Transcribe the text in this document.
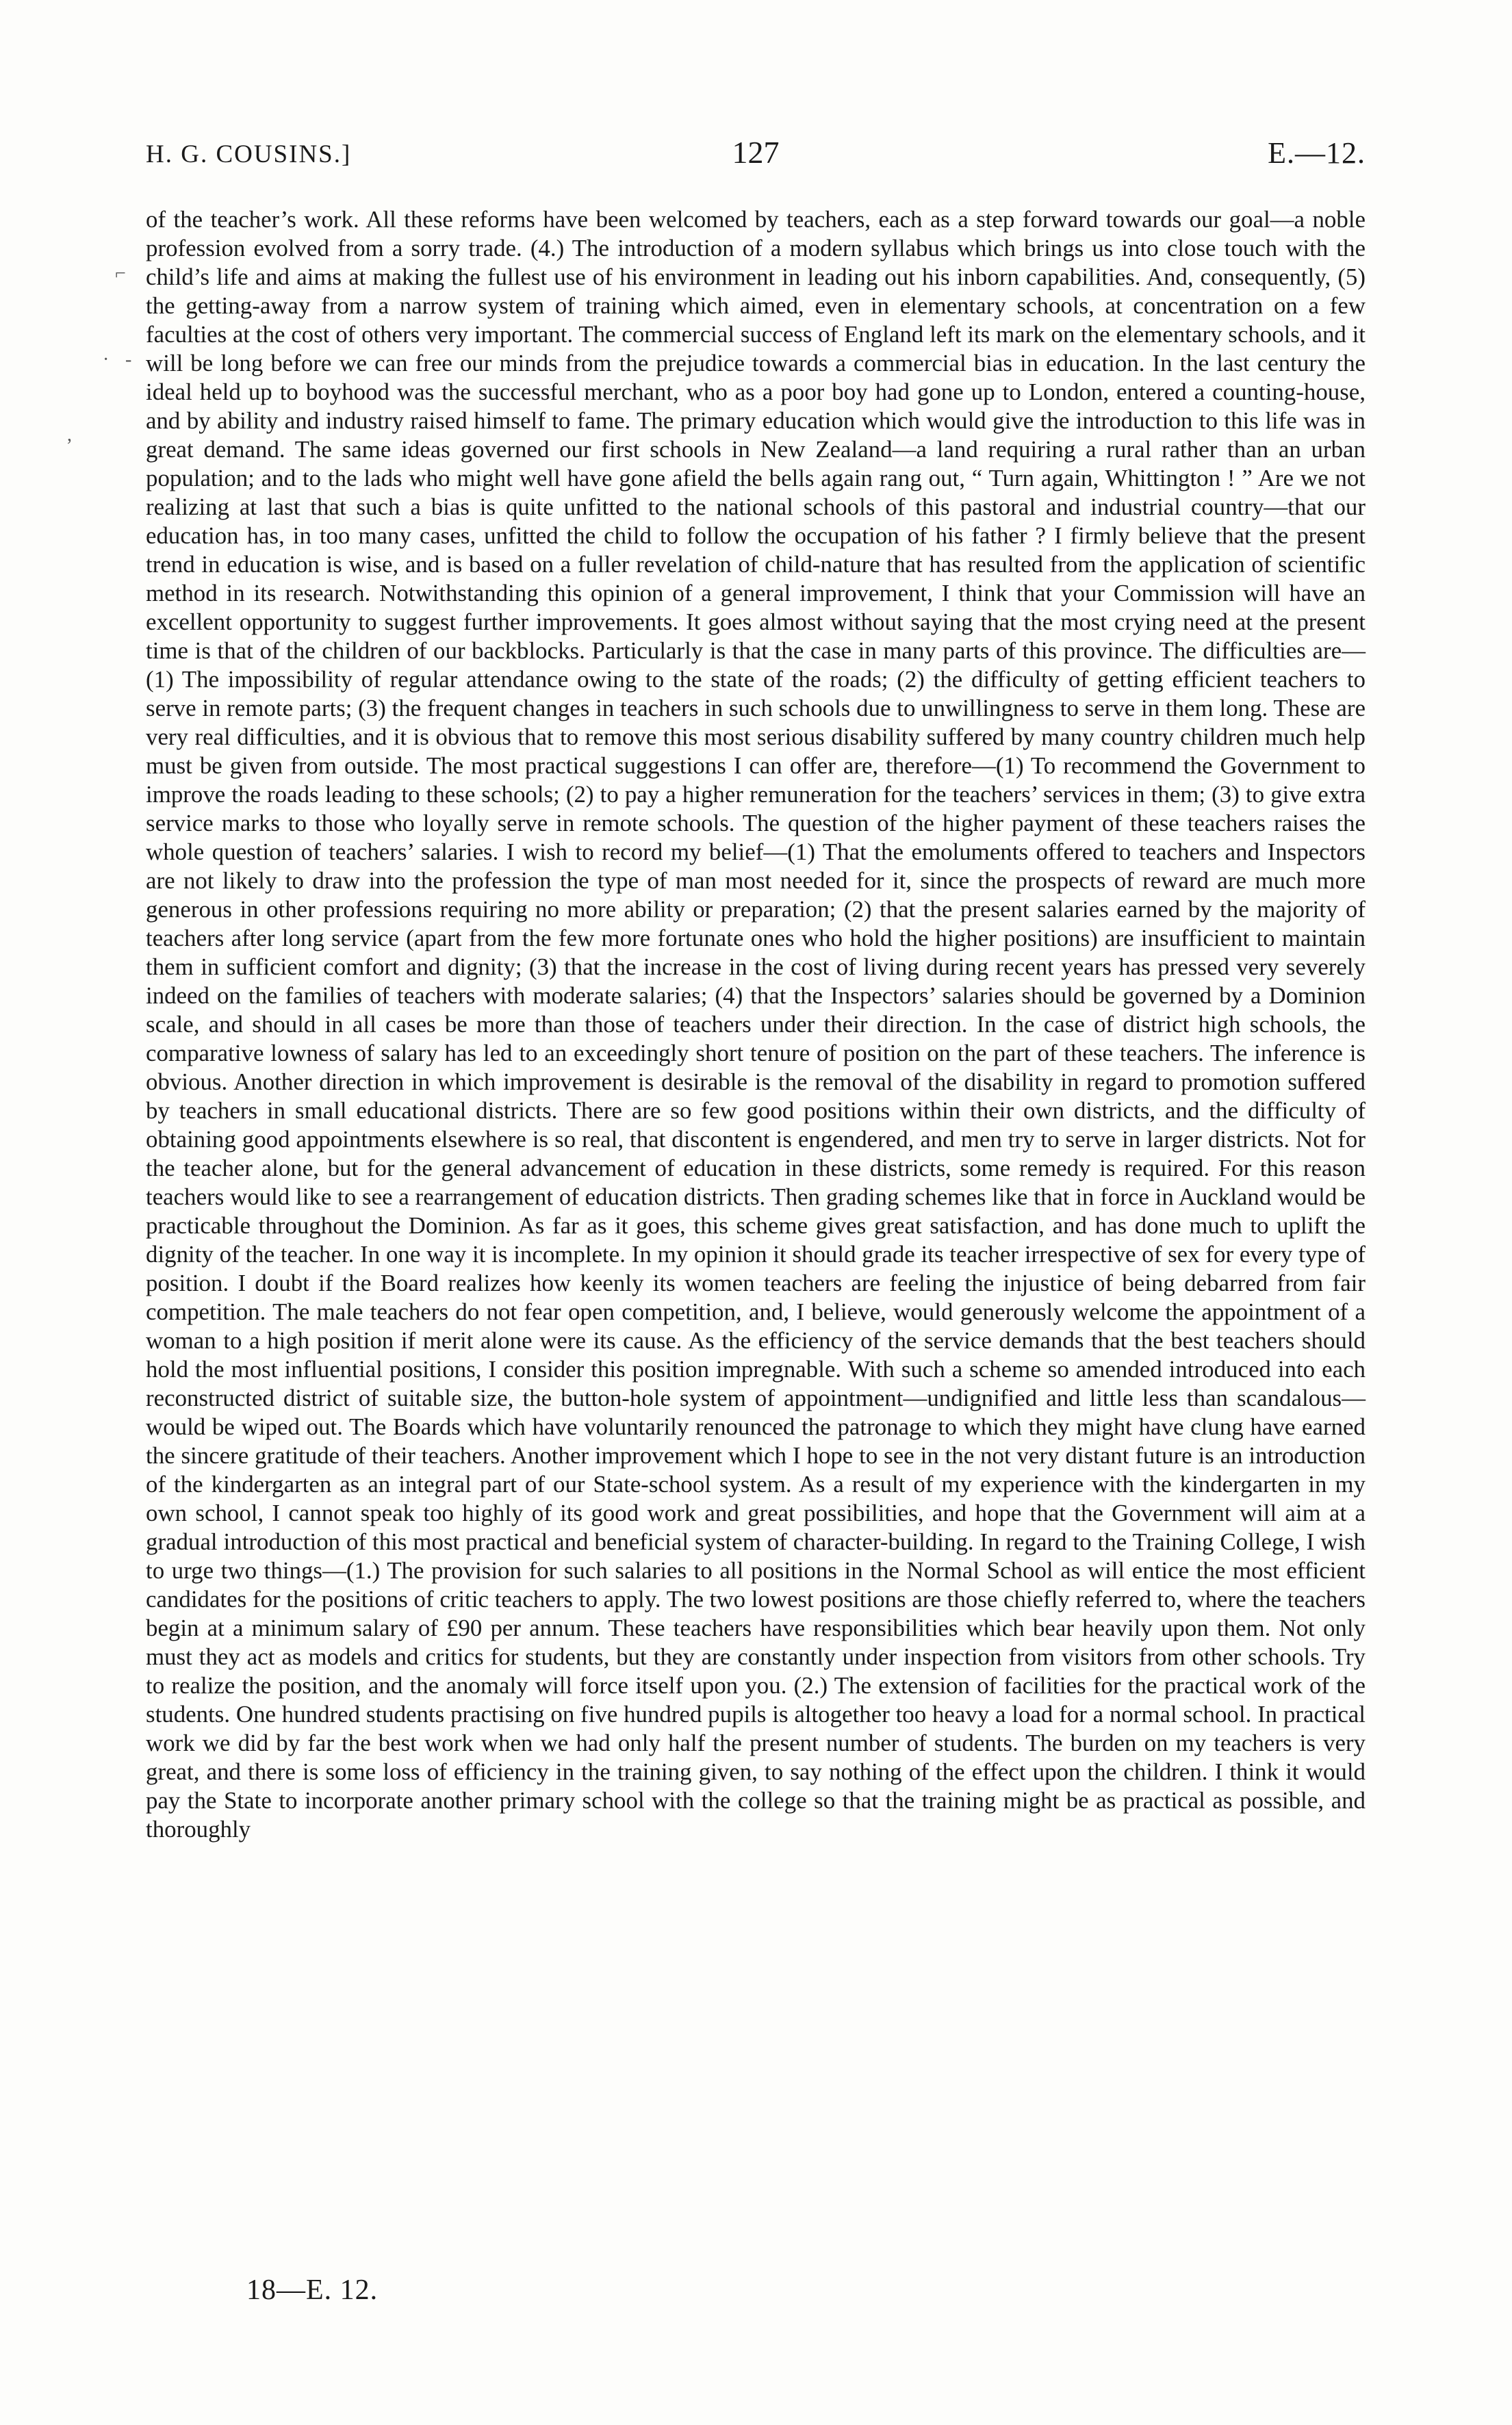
H. G. COUSINS.]	127	E.—12.
⌐
· -
,

of the teacher’s work. All these reforms have been welcomed by teachers, each as a step forward towards our goal—a noble profession evolved from a sorry trade. (4.) The introduction of a modern syllabus which brings us into close touch with the child’s life and aims at making the fullest use of his environment in leading out his inborn capabilities. And, consequently, (5) the getting-away from a narrow system of training which aimed, even in elementary schools, at concentration on a few faculties at the cost of others very important. The commercial success of England left its mark on the elementary schools, and it will be long before we can free our minds from the prejudice towards a commercial bias in education. In the last century the ideal held up to boyhood was the successful merchant, who as a poor boy had gone up to London, entered a counting-house, and by ability and industry raised himself to fame. The primary education which would give the introduction to this life was in great demand. The same ideas governed our first schools in New Zealand—a land requiring a rural rather than an urban population; and to the lads who might well have gone afield the bells again rang out, “ Turn again, Whittington ! ” Are we not realizing at last that such a bias is quite unfitted to the national schools of this pastoral and industrial country—that our education has, in too many cases, unfitted the child to follow the occupation of his father ? I firmly believe that the present trend in education is wise, and is based on a fuller revelation of child-nature that has resulted from the application of scientific method in its research. Notwithstanding this opinion of a general improvement, I think that your Commission will have an excellent opportunity to suggest further improvements. It goes almost without saying that the most crying need at the present time is that of the children of our backblocks. Particularly is that the case in many parts of this province. The difficulties are—(1) The impossibility of regular attendance owing to the state of the roads; (2) the difficulty of getting efficient teachers to serve in remote parts; (3) the frequent changes in teachers in such schools due to unwillingness to serve in them long. These are very real difficulties, and it is obvious that to remove this most serious disability suffered by many country children much help must be given from outside. The most practical suggestions I can offer are, therefore—(1) To recommend the Government to improve the roads leading to these schools; (2) to pay a higher remuneration for the teachers’ services in them; (3) to give extra service marks to those who loyally serve in remote schools. The question of the higher payment of these teachers raises the whole question of teachers’ salaries. I wish to record my belief—(1) That the emoluments offered to teachers and Inspectors are not likely to draw into the profession the type of man most needed for it, since the prospects of reward are much more generous in other professions requiring no more ability or preparation; (2) that the present salaries earned by the majority of teachers after long service (apart from the few more fortunate ones who hold the higher positions) are insufficient to maintain them in sufficient comfort and dignity; (3) that the increase in the cost of living during recent years has pressed very severely indeed on the families of teachers with moderate salaries; (4) that the Inspectors’ salaries should be governed by a Dominion scale, and should in all cases be more than those of teachers under their direction. In the case of district high schools, the comparative lowness of salary has led to an exceedingly short tenure of position on the part of these teachers. The inference is obvious. Another direction in which improvement is desirable is the removal of the disability in regard to promotion suffered by teachers in small educational districts. There are so few good positions within their own districts, and the difficulty of obtaining good appointments elsewhere is so real, that discontent is engendered, and men try to serve in larger districts. Not for the teacher alone, but for the general advancement of education in these districts, some remedy is required. For this reason teachers would like to see a rearrangement of education districts. Then grading schemes like that in force in Auckland would be practicable throughout the Dominion. As far as it goes, this scheme gives great satisfaction, and has done much to uplift the dignity of the teacher. In one way it is incomplete. In my opinion it should grade its teacher irrespective of sex for every type of position. I doubt if the Board realizes how keenly its women teachers are feeling the injustice of being debarred from fair competition. The male teachers do not fear open competition, and, I believe, would generously welcome the appointment of a woman to a high position if merit alone were its cause. As the efficiency of the service demands that the best teachers should hold the most influential positions, I consider this position impregnable. With such a scheme so amended introduced into each reconstructed district of suitable size, the button-hole system of appointment—undignified and little less than scandalous—would be wiped out. The Boards which have voluntarily renounced the patronage to which they might have clung have earned the sincere gratitude of their teachers. Another improvement which I hope to see in the not very distant future is an introduction of the kindergarten as an integral part of our State-school system. As a result of my experience with the kindergarten in my own school, I cannot speak too highly of its good work and great possibilities, and hope that the Government will aim at a gradual introduction of this most practical and beneficial system of character-building. In regard to the Training College, I wish to urge two things—(1.) The provision for such salaries to all positions in the Normal School as will entice the most efficient candidates for the positions of critic teachers to apply. The two lowest positions are those chiefly referred to, where the teachers begin at a minimum salary of £90 per annum. These teachers have responsibilities which bear heavily upon them. Not only must they act as models and critics for students, but they are constantly under inspection from visitors from other schools. Try to realize the position, and the anomaly will force itself upon you. (2.) The extension of facilities for the practical work of the students. One hundred students practising on five hundred pupils is altogether too heavy a load for a normal school. In practical work we did by far the best work when we had only half the present number of students. The burden on my teachers is very great, and there is some loss of efficiency in the training given, to say nothing of the effect upon the children. I think it would pay the State to incorporate another primary school with the college so that the training might be as practical as possible, and thoroughly

18—E. 12.
